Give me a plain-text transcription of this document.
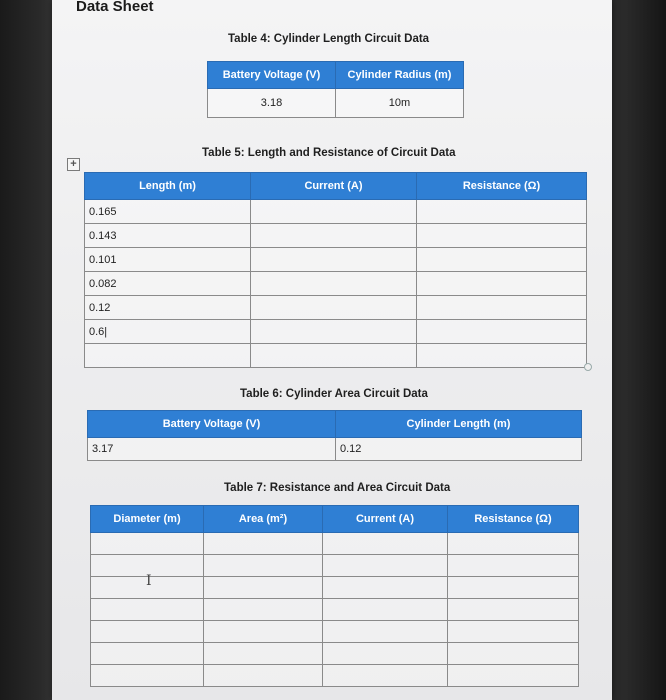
Data Sheet
Table 4: Cylinder Length Circuit Data
Battery Voltage (V)	Cylinder Radius (m)
3.18	10m
Table 5: Length and Resistance of Circuit Data
+
Length (m)	Current (A)	Resistance (Ω)
0.165		
0.143		
0.101		
0.082		
0.12		
0.6|		

Table 6: Cylinder Area Circuit Data
Battery Voltage (V)	Cylinder Length (m)
3.17	0.12
Table 7: Resistance and Area Circuit Data
Diameter (m)	Area (m²)	Current (A)	Resistance (Ω)

I
